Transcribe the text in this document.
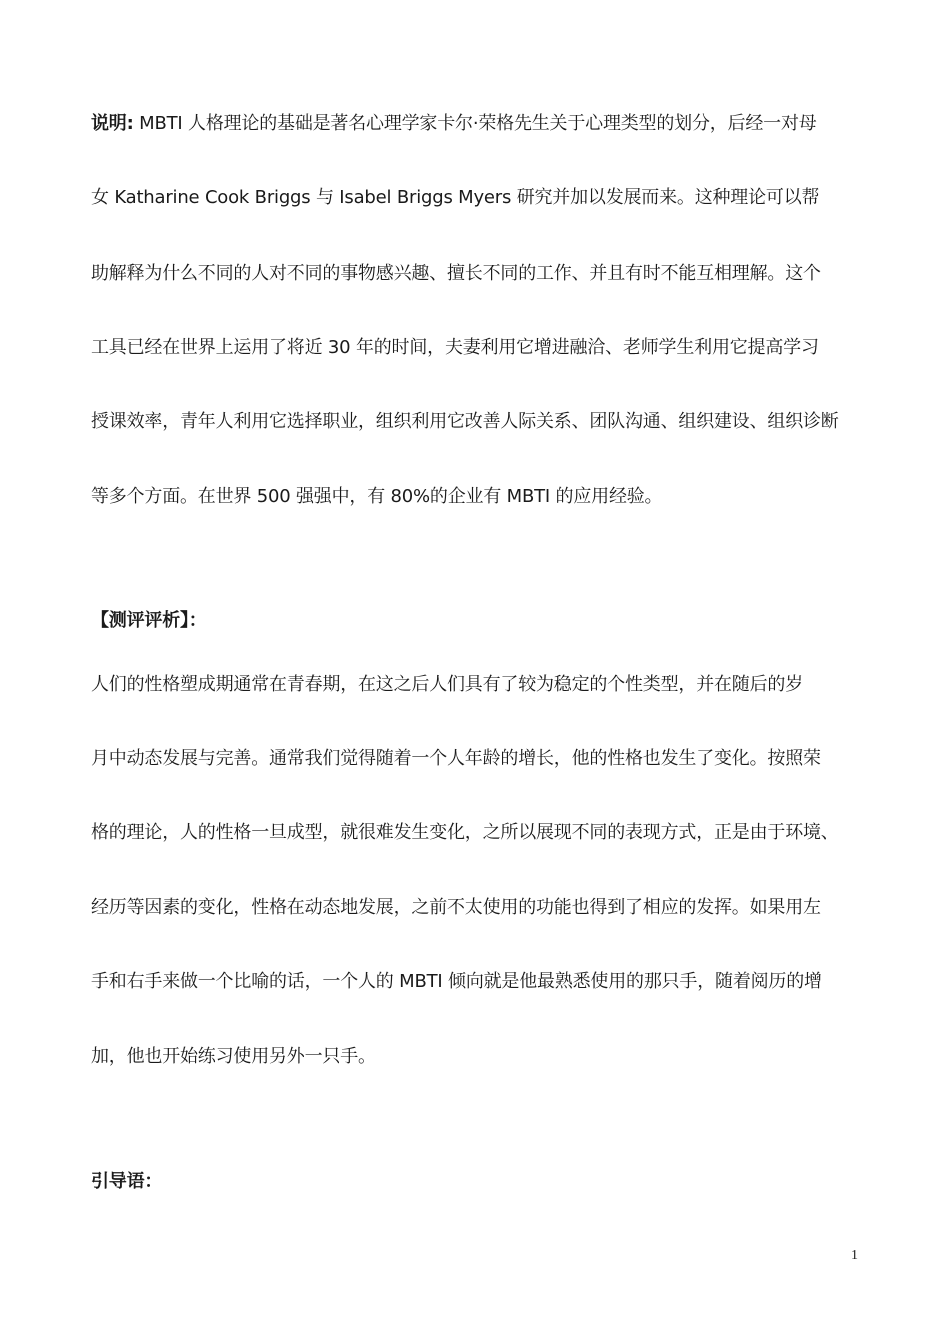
说明: MBTI 人格理论的基础是著名心理学家卡尔·荣格先生关于心理类型的划分，后经一对母
女 Katharine Cook Briggs 与 Isabel Briggs Myers 研究并加以发展而来。这种理论可以帮
助解释为什么不同的人对不同的事物感兴趣、擅长不同的工作、并且有时不能互相理解。这个
工具已经在世界上运用了将近 30 年的时间，夫妻利用它增进融洽、老师学生利用它提高学习
授课效率，青年人利用它选择职业，组织利用它改善人际关系、团队沟通、组织建设、组织诊断
等多个方面。在世界 500 强强中，有 80%的企业有 MBTI 的应用经验。
【测评评析】：
人们的性格塑成期通常在青春期，在这之后人们具有了较为稳定的个性类型，并在随后的岁
月中动态发展与完善。通常我们觉得随着一个人年龄的增长，他的性格也发生了变化。按照荣
格的理论，人的性格一旦成型，就很难发生变化，之所以展现不同的表现方式，正是由于环境、
经历等因素的变化，性格在动态地发展，之前不太使用的功能也得到了相应的发挥。如果用左
手和右手来做一个比喻的话，一个人的 MBTI 倾向就是他最熟悉使用的那只手，随着阅历的增
加，他也开始练习使用另外一只手。
引导语：
1
